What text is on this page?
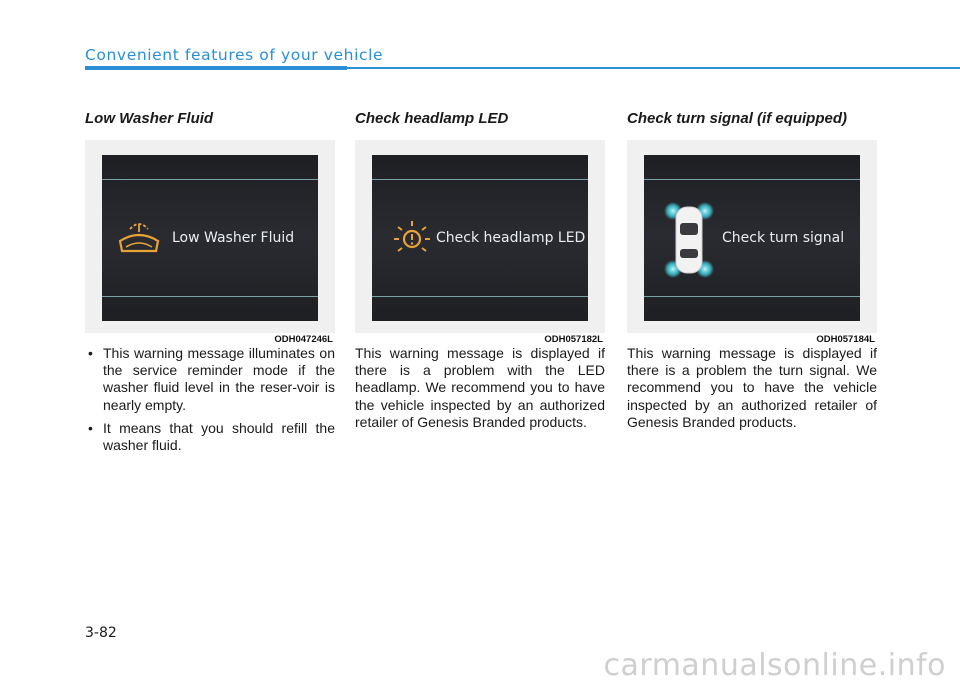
Convenient features of your vehicle
Low Washer Fluid
Low Washer Fluid
ODH047246L
• This warning message illuminates on the service reminder mode if the washer fluid level in the reser-voir is nearly empty.
• It means that you should refill the washer fluid.
Check headlamp LED
Check headlamp LED
ODH057182L

This warning message is displayed if there is a problem with the LED headlamp. We recommend you to have the vehicle inspected by an authorized retailer of Genesis Branded products.

Check turn signal (if equipped)
Check turn signal
ODH057184L

This warning message is displayed if there is a problem the turn signal. We recommend you to have the vehicle inspected by an authorized retailer of Genesis Branded products.

3-82
carmanualsonline.info
